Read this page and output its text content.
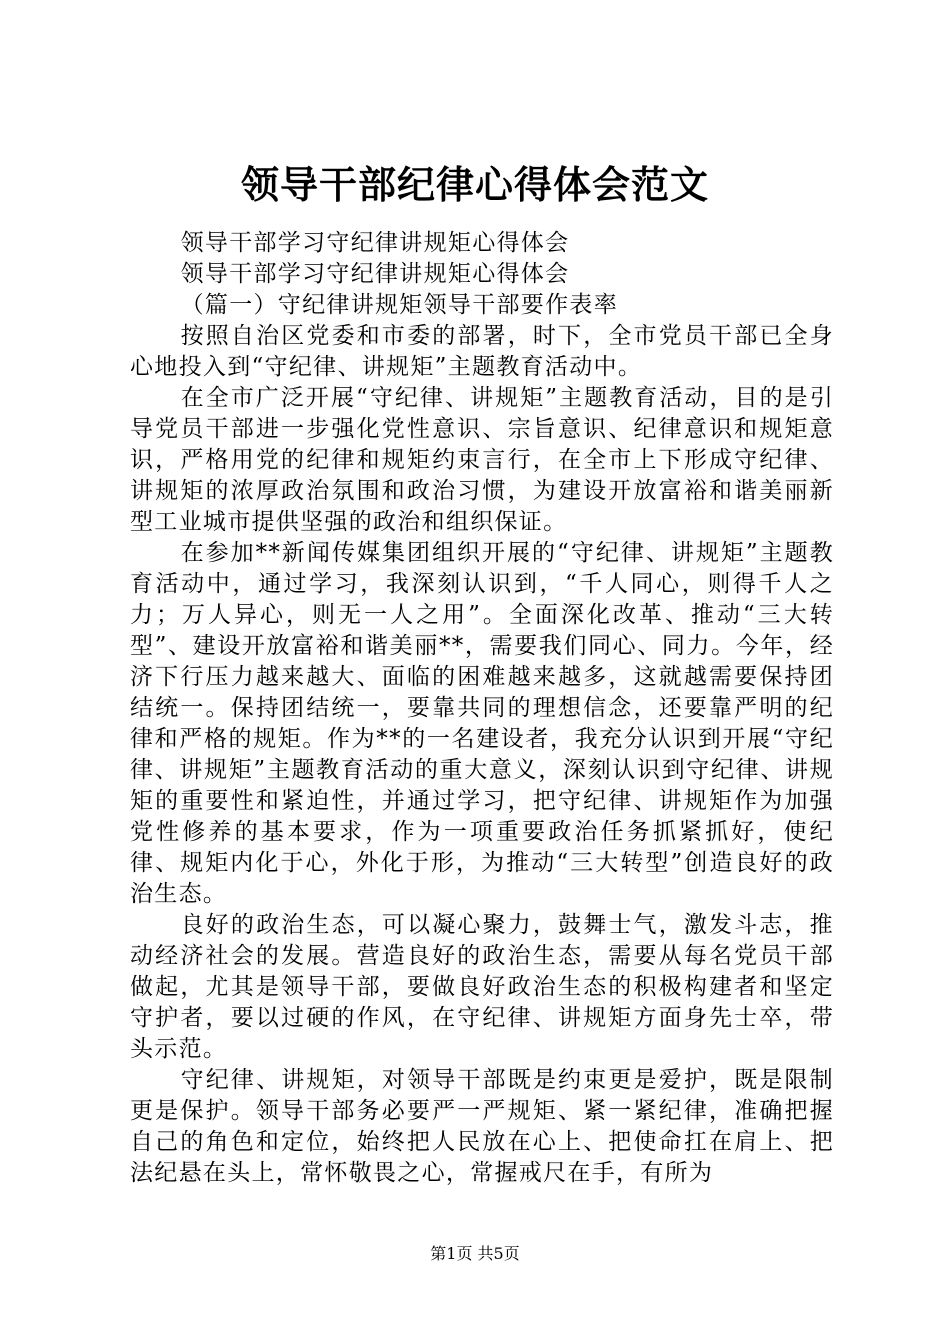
领导干部纪律心得体会范文

领导干部学习守纪律讲规矩心得体会

领导干部学习守纪律讲规矩心得体会

（篇一）守纪律讲规矩领导干部要作表率

按照自治区党委和市委的部署，时下，全市党员干部已全身心地投入到“守纪律、讲规矩”主题教育活动中。

在全市广泛开展“守纪律、讲规矩”主题教育活动，目的是引导党员干部进一步强化党性意识、宗旨意识、纪律意识和规矩意识，严格用党的纪律和规矩约束言行，在全市上下形成守纪律、讲规矩的浓厚政治氛围和政治习惯，为建设开放富裕和谐美丽新型工业城市提供坚强的政治和组织保证。

在参加**新闻传媒集团组织开展的“守纪律、讲规矩”主题教育活动中，通过学习，我深刻认识到，“千人同心，则得千人之力；万人异心，则无一人之用”。全面深化改革、推动“三大转型”、建设开放富裕和谐美丽**，需要我们同心、同力。今年，经济下行压力越来越大、面临的困难越来越多，这就越需要保持团结统一。保持团结统一，要靠共同的理想信念，还要靠严明的纪律和严格的规矩。作为**的一名建设者，我充分认识到开展“守纪律、讲规矩”主题教育活动的重大意义，深刻认识到守纪律、讲规矩的重要性和紧迫性，并通过学习，把守纪律、讲规矩作为加强党性修养的基本要求，作为一项重要政治任务抓紧抓好，使纪律、规矩内化于心，外化于形，为推动“三大转型”创造良好的政治生态。

良好的政治生态，可以凝心聚力，鼓舞士气，激发斗志，推动经济社会的发展。营造良好的政治生态，需要从每名党员干部做起，尤其是领导干部，要做良好政治生态的积极构建者和坚定守护者，要以过硬的作风，在守纪律、讲规矩方面身先士卒，带头示范。

守纪律、讲规矩，对领导干部既是约束更是爱护，既是限制更是保护。领导干部务必要严一严规矩、紧一紧纪律，准确把握自己的角色和定位，始终把人民放在心上、把使命扛在肩上、把法纪悬在头上，常怀敬畏之心，常握戒尺在手，有所为

第1页 共5页
